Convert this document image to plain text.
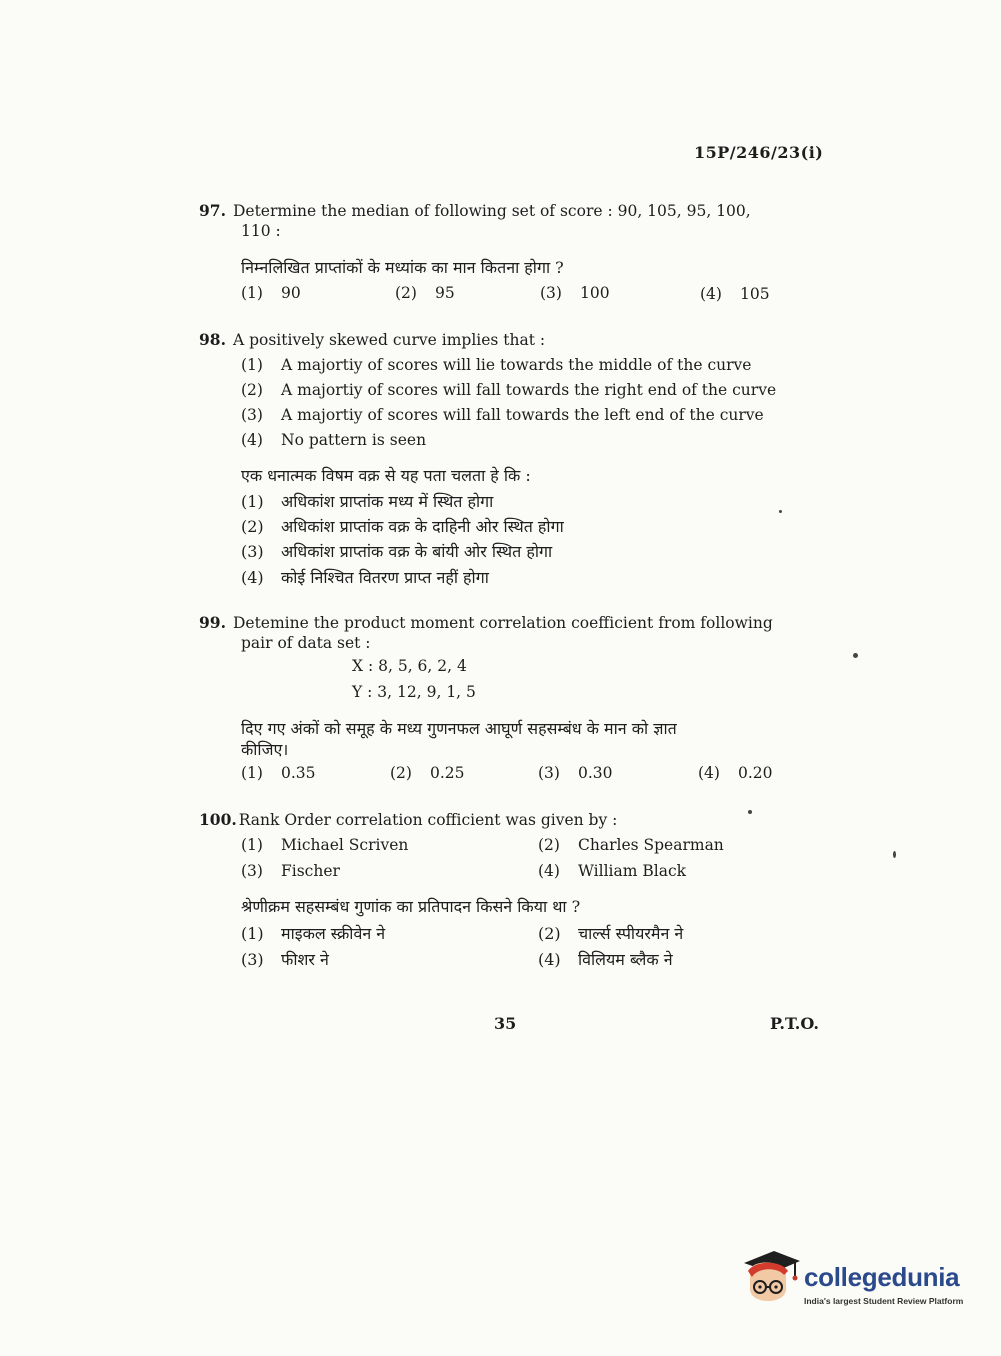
15P/246/23(i)
97. Determine the median of following set of score : 90, 105, 95, 100,
110 :
निम्नलिखित प्राप्तांकों के मध्यांक का मान कितना होगा ?
(1) 90	(2) 95	(3) 100	(4) 105
98. A positively skewed curve implies that :
(1) A majortiy of scores will lie towards the middle of the curve
(2) A majortiy of scores will fall towards the right end of the curve
(3) A majortiy of scores will fall towards the left end of the curve
(4) No pattern is seen
एक धनात्मक विषम वक्र से यह पता चलता हे कि :
(1) अधिकांश प्राप्तांक मध्य में स्थित होगा
(2) अधिकांश प्राप्तांक वक्र के दाहिनी ओर स्थित होगा
(3) अधिकांश प्राप्तांक वक्र के बांयी ओर स्थित होगा
(4) कोई निश्चित वितरण प्राप्त नहीं होगा
99. Detemine the product moment correlation coefficient from following
pair of data set :
X : 8, 5, 6, 2, 4
Y : 3, 12, 9, 1, 5
दिए गए अंकों को समूह के मध्य गुणनफल आघूर्ण सहसम्बंध के मान को ज्ञात
कीजिए।
(1) 0.35	(2) 0.25	(3) 0.30	(4) 0.20
100. Rank Order correlation cofficient was given by :
(1) Michael Scriven	(2) Charles Spearman
(3) Fischer	(4) William Black
श्रेणीक्रम सहसम्बंध गुणांक का प्रतिपादन किसने किया था ?
(1) माइकल स्क्रीवेन ने	(2) चार्ल्स स्पीयरमैन ने
(3) फीशर ने	(4) विलियम ब्लैक ने
35	P.T.O.
collegedunia
India's largest Student Review Platform
